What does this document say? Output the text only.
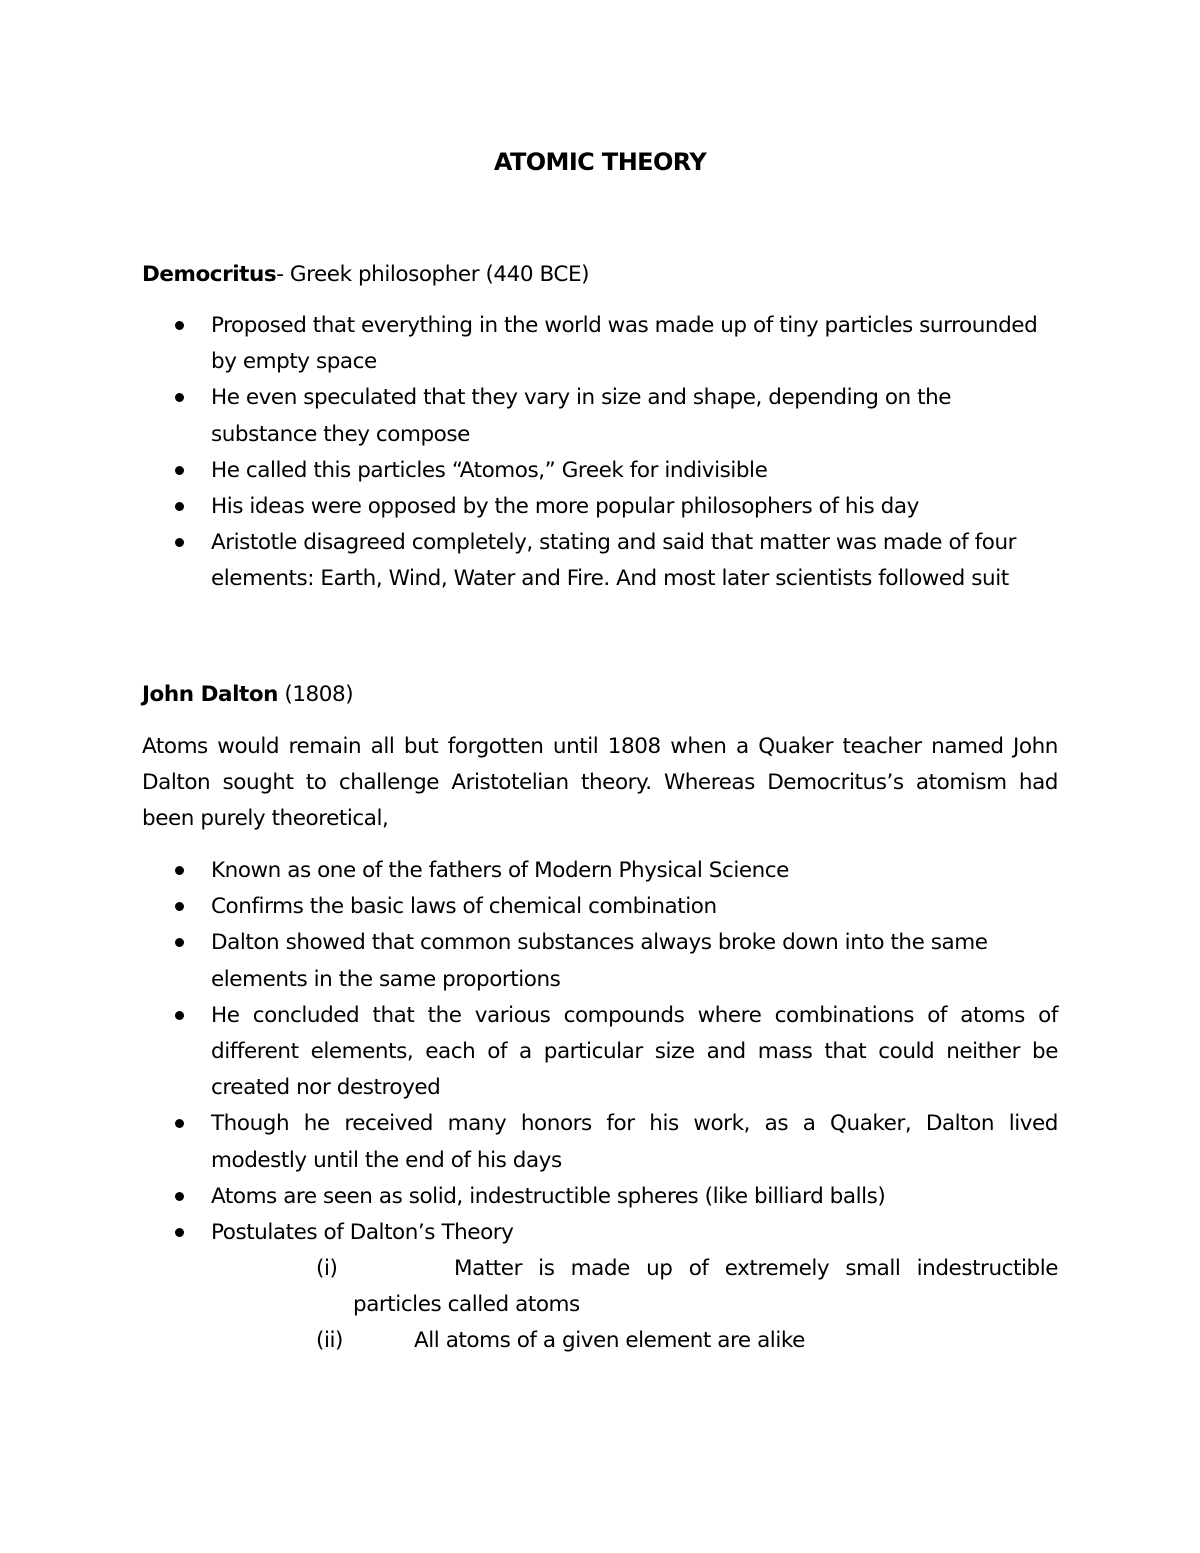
ATOMIC THEORY
Democritus- Greek philosopher (440 BCE)
Proposed that everything in the world was made up of tiny particles surrounded by empty space
He even speculated that they vary in size and shape, depending on the substance they compose
He called this particles “Atomos,” Greek for indivisible
His ideas were opposed by the more popular philosophers of his day
Aristotle disagreed completely, stating and said that matter was made of four elements: Earth, Wind, Water and Fire. And most later scientists followed suit
John Dalton (1808)
Atoms would remain all but forgotten until 1808 when a Quaker teacher named John Dalton sought to challenge Aristotelian theory. Whereas Democritus’s atomism had been purely theoretical,
Known as one of the fathers of Modern Physical Science
Confirms the basic laws of chemical combination
Dalton showed that common substances always broke down into the same elements in the same proportions
He concluded that the various compounds where combinations of atoms of different elements, each of a particular size and mass that could neither be created nor destroyed
Though he received many honors for his work, as a Quaker, Dalton lived modestly until the end of his days
Atoms are seen as solid, indestructible spheres (like billiard balls)
Postulates of Dalton’s Theory
(i)	Matter is made up of extremely small indestructible
particles called atoms
(ii)	All atoms of a given element are alike
